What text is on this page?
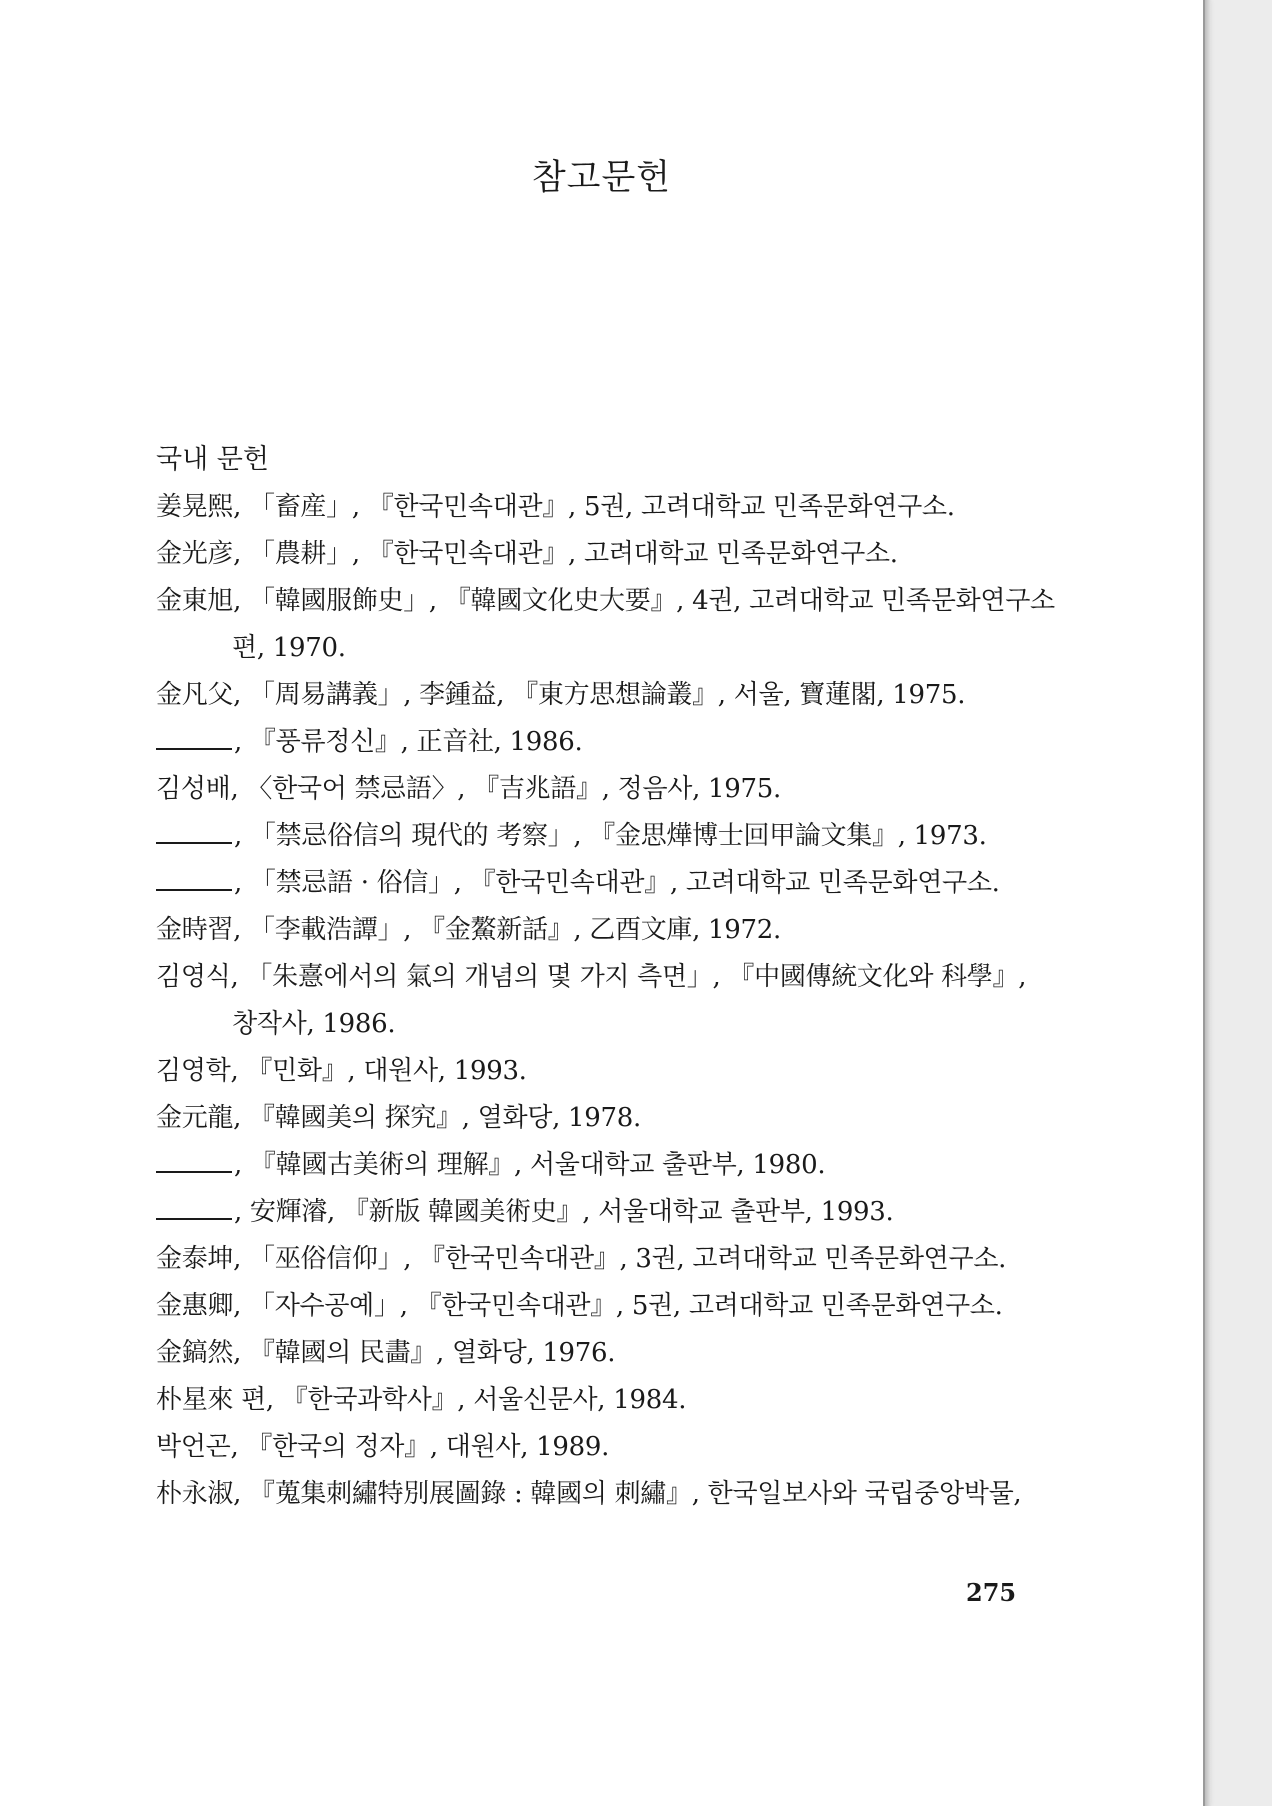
참고문헌
국내 문헌
姜晃熙, 「畜産」, 『한국민속대관』, 5권, 고려대학교 민족문화연구소.
金光彦, 「農耕」, 『한국민속대관』, 고려대학교 민족문화연구소.
金東旭, 「韓國服飾史」, 『韓國文化史大要』, 4권, 고려대학교 민족문화연구소
편, 1970.
金凡父, 「周易講義」, 李鍾益, 『東方思想論叢』, 서울, 寶蓮閣, 1975.
, 『풍류정신』, 正音社, 1986.
김성배, 〈한국어 禁忌語〉, 『吉兆語』, 정음사, 1975.
, 「禁忌俗信의 現代的 考察」, 『金思燁博士回甲論文集』, 1973.
, 「禁忌語 · 俗信」, 『한국민속대관』, 고려대학교 민족문화연구소.
金時習, 「李載浩譚」, 『金鰲新話』, 乙酉文庫, 1972.
김영식, 「朱憙에서의 氣의 개념의 몇 가지 측면」, 『中國傳統文化와 科學』,
창작사, 1986.
김영학, 『민화』, 대원사, 1993.
金元龍, 『韓國美의 探究』, 열화당, 1978.
, 『韓國古美術의 理解』, 서울대학교 출판부, 1980.
, 安輝濬, 『新版 韓國美術史』, 서울대학교 출판부, 1993.
金泰坤, 「巫俗信仰」, 『한국민속대관』, 3권, 고려대학교 민족문화연구소.
金惠卿, 「자수공예」, 『한국민속대관』, 5권, 고려대학교 민족문화연구소.
金鎬然, 『韓國의 民畵』, 열화당, 1976.
朴星來 편, 『한국과학사』, 서울신문사, 1984.
박언곤, 『한국의 정자』, 대원사, 1989.
朴永淑, 『蒐集刺繡特別展圖錄 : 韓國의 刺繡』, 한국일보사와 국립중앙박물,
275
